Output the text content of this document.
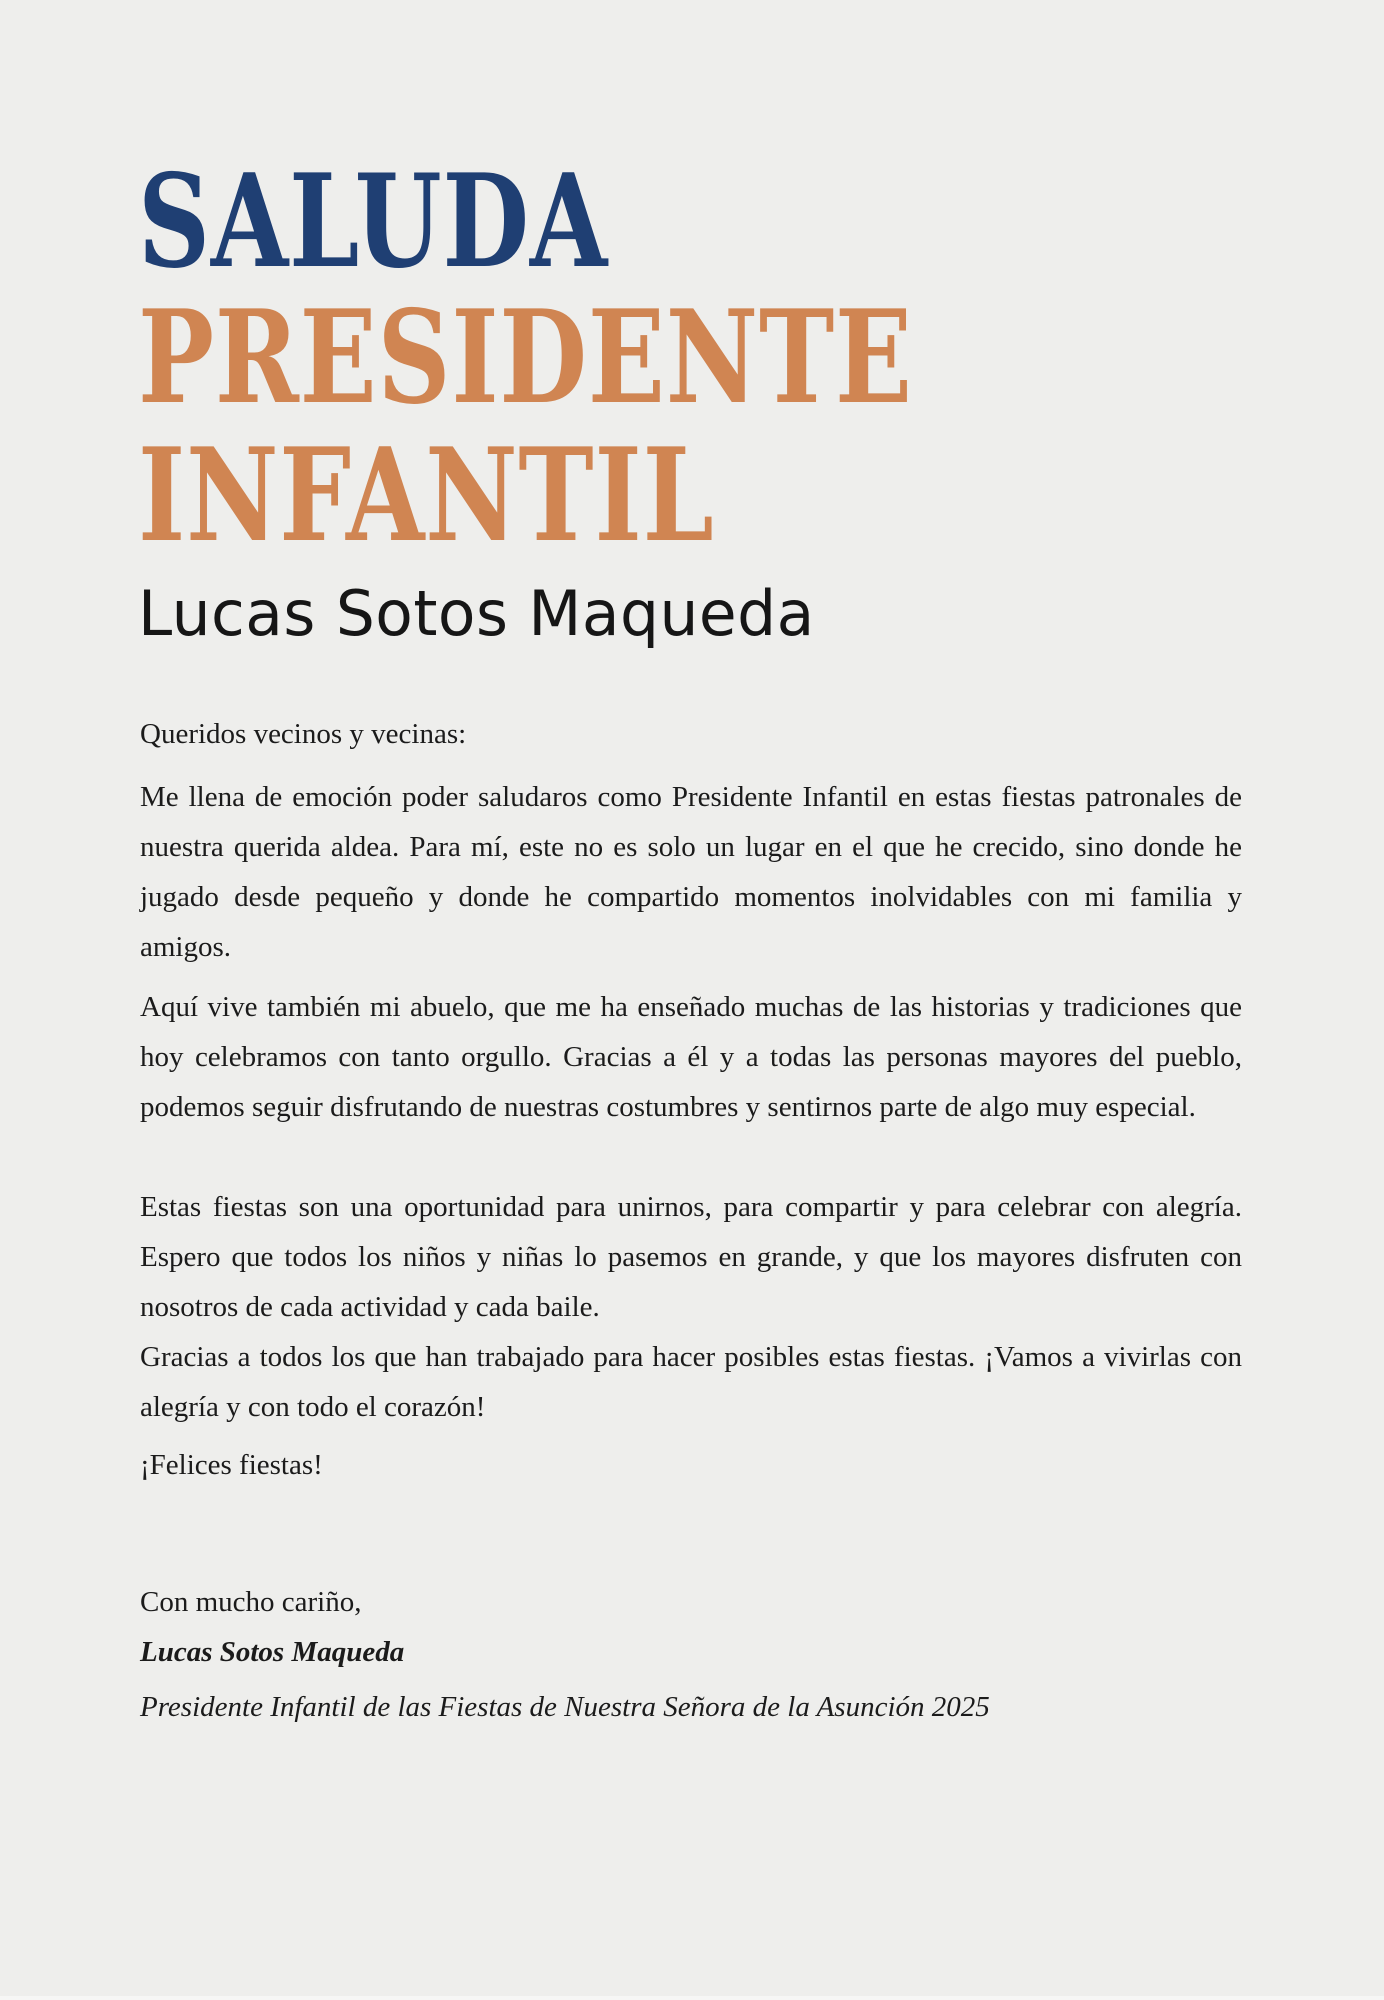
SALUDA
PRESIDENTE
INFANTIL
Lucas Sotos Maqueda

Queridos vecinos y vecinas:

Me llena de emoción poder saludaros como Presidente Infantil en estas fiestas patronales de nuestra querida aldea. Para mí, este no es solo un lugar en el que he crecido, sino donde he jugado desde pequeño y donde he compartido momentos inolvidables con mi familia y amigos.

Aquí vive también mi abuelo, que me ha enseñado muchas de las historias y tradiciones que hoy celebramos con tanto orgullo. Gracias a él y a todas las personas mayores del pueblo, podemos seguir disfrutando de nuestras costumbres y sentirnos parte de algo muy especial.

Estas fiestas son una oportunidad para unirnos, para compartir y para celebrar con alegría. Espero que todos los niños y niñas lo pasemos en grande, y que los mayores disfruten con nosotros de cada actividad y cada baile.

Gracias a todos los que han trabajado para hacer posibles estas fiestas. ¡Vamos a vivirlas con alegría y con todo el corazón!

¡Felices fiestas!

Con mucho cariño,

Lucas Sotos Maqueda

Presidente Infantil de las Fiestas de Nuestra Señora de la Asunción 2025
